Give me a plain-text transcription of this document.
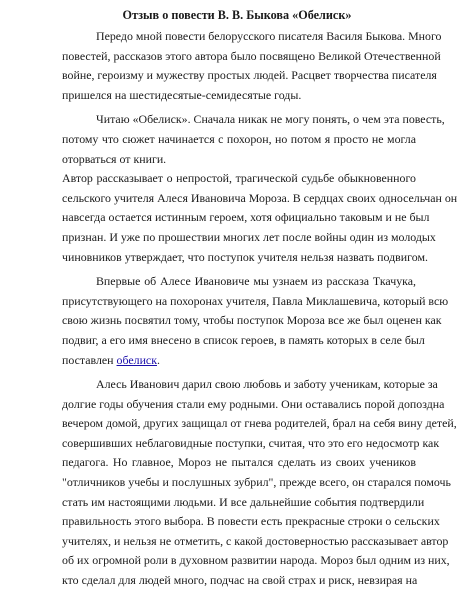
Отзыв о повести В. В. Быкова «Обелиск»
Передо мной повести белорусского писателя Василя Быкова. Много
повестей, рассказов этого автора было посвящено Великой Отечественной
войне, героизму и мужеству простых людей. Расцвет творчества писателя
пришелся на шестидесятые-семидесятые годы.
Читаю «Обелиск». Сначала никак не могу понять, о чем эта повесть,
потому что сюжет начинается с похорон, но потом я просто не могла
оторваться от книги.
Автор рассказывает о непростой, трагической судьбе обыкновенного
сельского учителя Алеся Ивановича Мороза. В сердцах своих односельчан он
навсегда остается истинным героем, хотя официально таковым и не был
признан. И уже по прошествии многих лет после войны один из молодых
чиновников утверждает, что поступок учителя нельзя назвать подвигом.
Впервые об Алесе Ивановиче мы узнаем из рассказа Ткачука,
присутствующего на похоронах учителя, Павла Миклашевича, который всю
свою жизнь посвятил тому, чтобы поступок Мороза все же был оценен как
подвиг, а его имя внесено в список героев, в память которых в селе был
поставлен обелиск.
Алесь Иванович дарил свою любовь и заботу ученикам, которые за
долгие годы обучения стали ему родными. Они оставались порой допоздна
вечером домой, других защищал от гнева родителей, брал на себя вину детей,
совершивших неблаговидные поступки, считая, что это его недосмотр как
педагога. Но главное, Мороз не пытался сделать из своих учеников
"отличников учебы и послушных зубрил", прежде всего, он старался помочь
стать им настоящими людьми. И все дальнейшие события подтвердили
правильность этого выбора. В повести есть прекрасные строки о сельских
учителях, и нельзя не отметить, с какой достоверностью рассказывает автор
об их огромной роли в духовном развитии народа. Мороз был одним из них,
кто сделал для людей много, подчас на свой страх и риск, невзирая на
